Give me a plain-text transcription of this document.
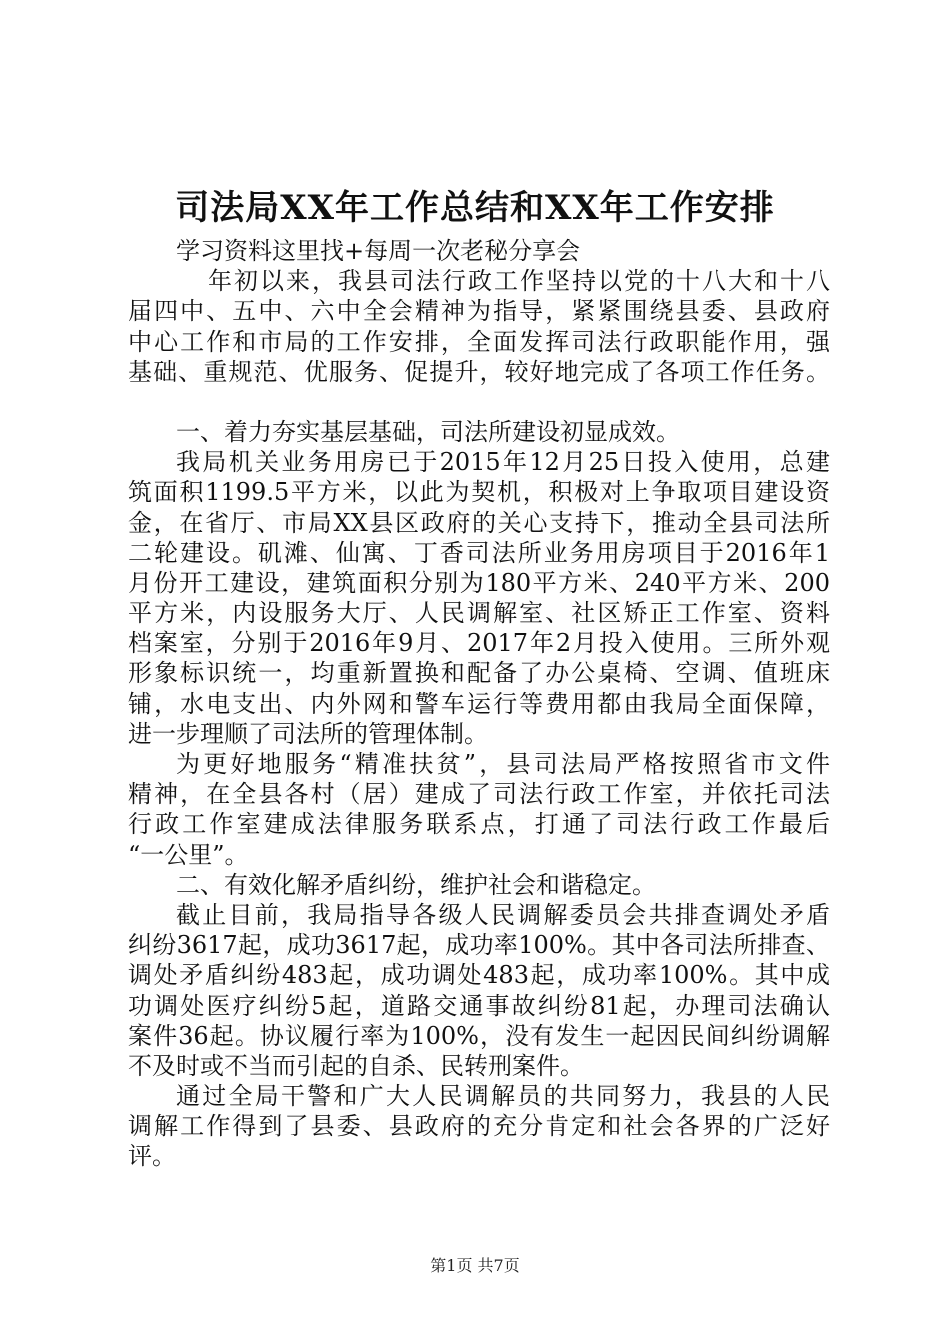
司法局XX年工作总结和XX年工作安排
学习资料这里找+每周一次老秘分享会

年初以来，我县司法行政工作坚持以党的十八大和十八
届四中、五中、六中全会精神为指导，紧紧围绕县委、县政府
中心工作和市局的工作安排，全面发挥司法行政职能作用，强
基础、重规范、优服务、促提升，较好地完成了各项工作任务。

一、着力夯实基层基础，司法所建设初显成效。

我局机关业务用房已于2015年12月25日投入使用，总建
筑面积1199.5平方米，以此为契机，积极对上争取项目建设资
金，在省厅、市局XX县区政府的关心支持下，推动全县司法所
二轮建设。矶滩、仙寓、丁香司法所业务用房项目于2016年1
月份开工建设，建筑面积分别为180平方米、240平方米、200
平方米，内设服务大厅、人民调解室、社区矫正工作室、资料
档案室，分别于2016年9月、2017年2月投入使用。三所外观
形象标识统一，均重新置换和配备了办公桌椅、空调、值班床
铺，水电支出、内外网和警车运行等费用都由我局全面保障，
进一步理顺了司法所的管理体制。

为更好地服务“精准扶贫”，县司法局严格按照省市文件
精神，在全县各村（居）建成了司法行政工作室，并依托司法
行政工作室建成法律服务联系点，打通了司法行政工作最后
“一公里”。

二、有效化解矛盾纠纷，维护社会和谐稳定。

截止目前，我局指导各级人民调解委员会共排查调处矛盾
纠纷3617起，成功3617起，成功率100%。其中各司法所排查、
调处矛盾纠纷483起，成功调处483起，成功率100%。其中成
功调处医疗纠纷5起，道路交通事故纠纷81起，办理司法确认
案件36起。协议履行率为100%，没有发生一起因民间纠纷调解
不及时或不当而引起的自杀、民转刑案件。

通过全局干警和广大人民调解员的共同努力，我县的人民
调解工作得到了县委、县政府的充分肯定和社会各界的广泛好
评。

第1页 共7页
